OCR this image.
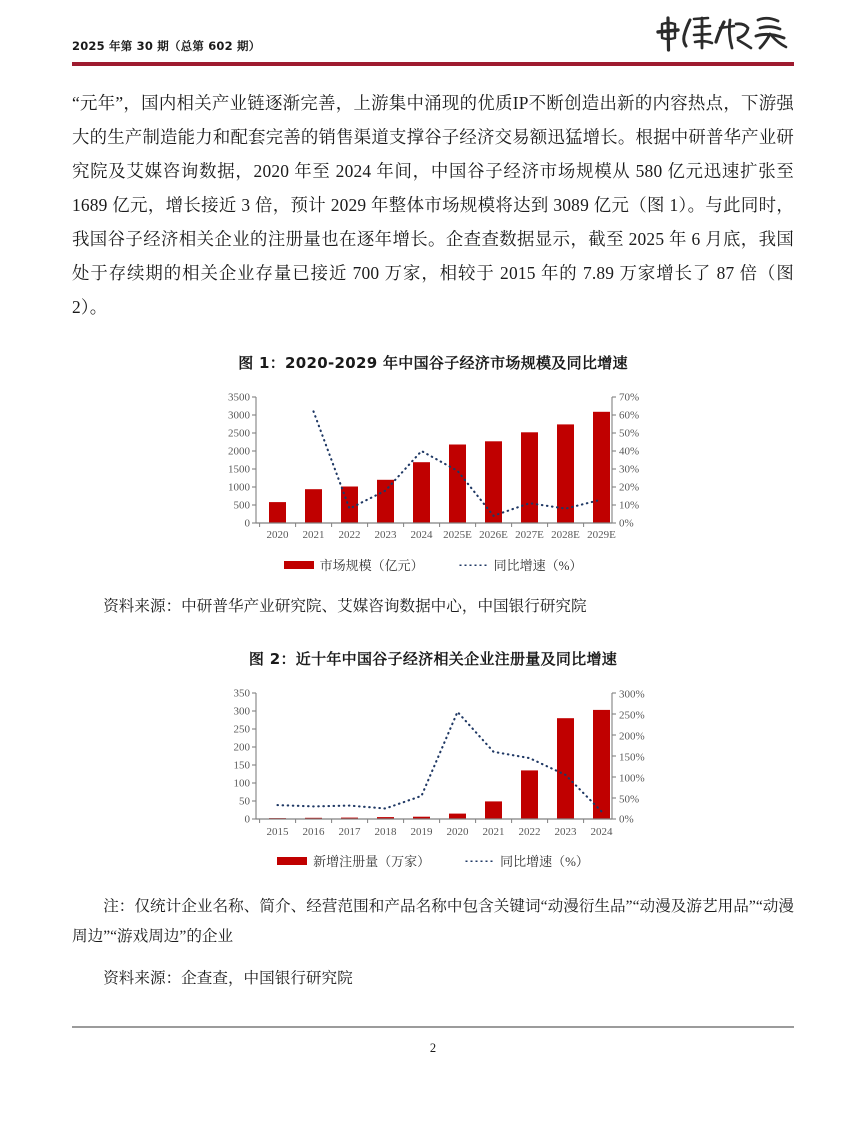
2025 年第 30 期（总第 602 期）

“元年”，国内相关产业链逐渐完善，上游集中涌现的优质IP不断创造出新的内容热点，下游强大的生产制造能力和配套完善的销售渠道支撑谷子经济交易额迅猛增长。根据中研普华产业研究院及艾媒咨询数据，2020 年至 2024 年间，中国谷子经济市场规模从 580 亿元迅速扩张至 1689 亿元，增长接近 3 倍，预计 2029 年整体市场规模将达到 3089 亿元（图 1）。与此同时，我国谷子经济相关企业的注册量也在逐年增长。企查查数据显示，截至 2025 年 6 月底，我国处于存续期的相关企业存量已接近 700 万家，相较于 2015 年的 7.89 万家增长了 87 倍（图 2）。

图 1：2020-2029 年中国谷子经济市场规模及同比增速
3500
3000
2500
2000
1500
1000
500
0
70%
60%
50%
40%
30%
20%
10%
0%
2020 2021 2022 2023 2024 2025E 2026E 2027E 2028E 2029E
市场规模（亿元）	同比增速（%）
资料来源：中研普华产业研究院、艾媒咨询数据中心，中国银行研究院
图 2：近十年中国谷子经济相关企业注册量及同比增速
350
300
250
200
150
100
50
0
300%
250%
200%
150%
100%
50%
0%
2015 2016 2017 2018 2019 2020 2021 2022 2023 2024
新增注册量（万家）	同比增速（%）
注：仅统计企业名称、简介、经营范围和产品名称中包含关键词“动漫衍生品”“动漫及游艺用品”“动漫周边”“游戏周边”的企业
资料来源：企查查，中国银行研究院
2
